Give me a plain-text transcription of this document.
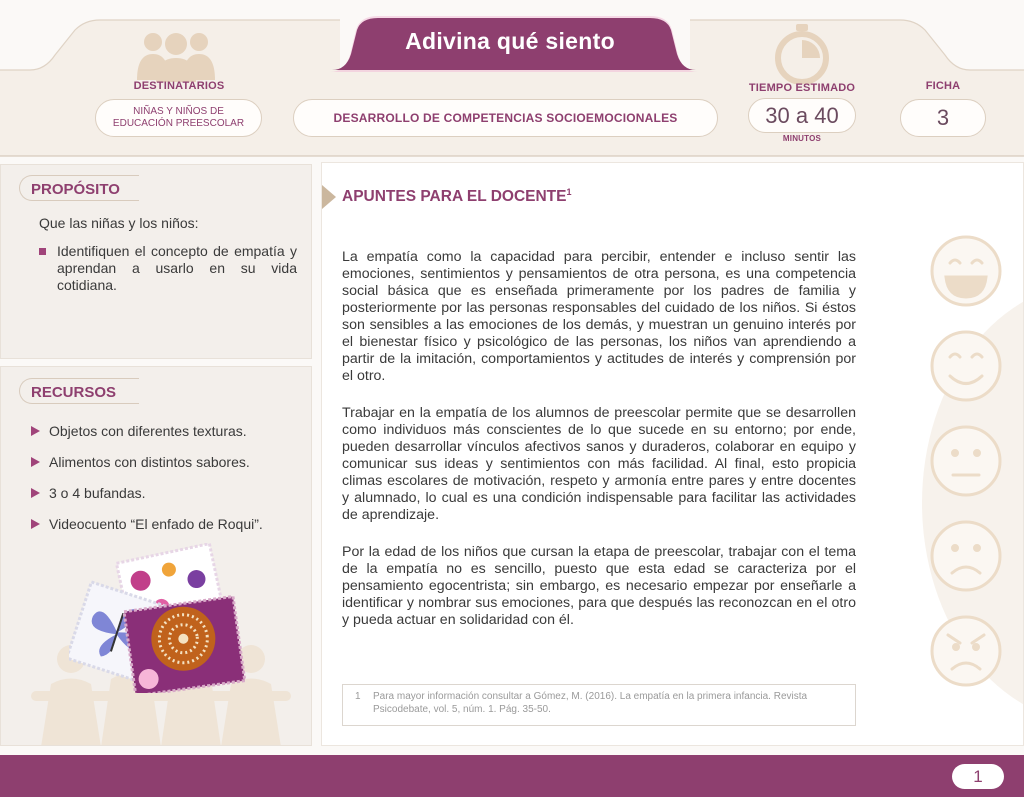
DESTINATARIOS
NIÑAS Y NIÑOS DE
EDUCACIÓN PREESCOLAR
Adivina qué siento
DESARROLLO DE COMPETENCIAS SOCIOEMOCIONALES
TIEMPO ESTIMADO
30 a 40
MINUTOS
FICHA
3
PROPÓSITO
Que las niñas y los niños:
Identifiquen el concepto de empatía y aprendan a usarlo en su vida cotidiana.
RECURSOS
Objetos con diferentes texturas.
Alimentos con distintos sabores.
3 o 4 bufandas.
Videocuento “El enfado de Roqui”.
APUNTES PARA EL DOCENTE$^1$

La empatía como la capacidad para percibir, entender e incluso sentir las emociones, sentimientos y pensamientos de otra persona, es una competencia social básica que es enseñada primeramente por los padres de familia y posteriormente por las personas responsables del cuidado de los niños. Si éstos son sensibles a las emociones de los demás, y muestran un genuino interés por el bienestar físico y psicológico de las personas, los niños van aprendiendo a partir de la imitación, comportamientos y actitudes de interés y comprensión por el otro.

Trabajar en la empatía de los alumnos de preescolar permite que se desarrollen como individuos más conscientes de lo que sucede en su entorno; por ende, pueden desarrollar vínculos afectivos sanos y duraderos, colaborar en equipo y comunicar sus ideas y sentimientos con más facilidad. Al final, esto propicia climas escolares de motivación, respeto y armonía entre pares y entre docentes y alumnado, lo cual es una condición indispensable para facilitar las actividades de aprendizaje.

Por la edad de los niños que cursan la etapa de preescolar, trabajar con el tema de la empatía no es sencillo, puesto que esta edad se caracteriza por el pensamiento egocentrista; sin embargo, es necesario empezar por enseñarle a identificar y nombrar sus emociones, para que después las reconozcan en el otro y pueda actuar en solidaridad con él.

1 Para mayor información consultar a Gómez, M. (2016). La empatía en la primera infancia. Revista Psicodebate, vol. 5, núm. 1. Pág. 35-50.
1
